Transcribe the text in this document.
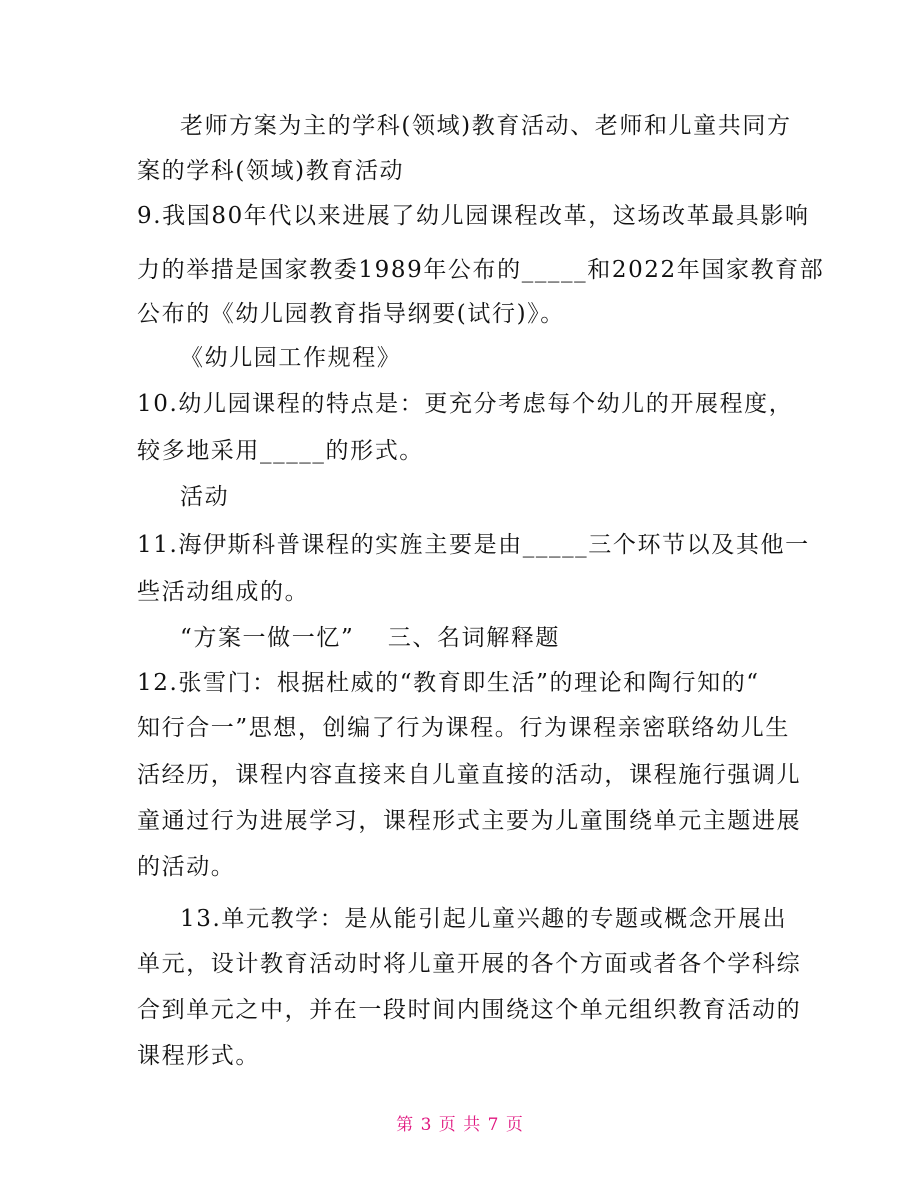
老师方案为主的学科(领域)教育活动、老师和儿童共同方
案的学科(领域)教育活动
9.我国80年代以来进展了幼儿园课程改革，这场改革最具影响
力的举措是国家教委1989年公布的_____和2022年国家教育部
公布的《幼儿园教育指导纲要(试行)》。
《幼儿园工作规程》
10.幼儿园课程的特点是：更充分考虑每个幼儿的开展程度，
较多地采用_____的形式。
活动
11.海伊斯科普课程的实旌主要是由_____三个环节以及其他一
些活动组成的。
“方案一做一忆”　 三、名词解释题
12.张雪门：根据杜威的“教育即生活”的理论和陶行知的“
知行合一”思想，创编了行为课程。行为课程亲密联络幼儿生
活经历，课程内容直接来自儿童直接的活动，课程施行强调儿
童通过行为进展学习，课程形式主要为儿童围绕单元主题进展
的活动。
13.单元教学：是从能引起儿童兴趣的专题或概念开展出
单元，设计教育活动时将儿童开展的各个方面或者各个学科综
合到单元之中，并在一段时间内围绕这个单元组织教育活动的
课程形式。
第 3 页 共 7 页
